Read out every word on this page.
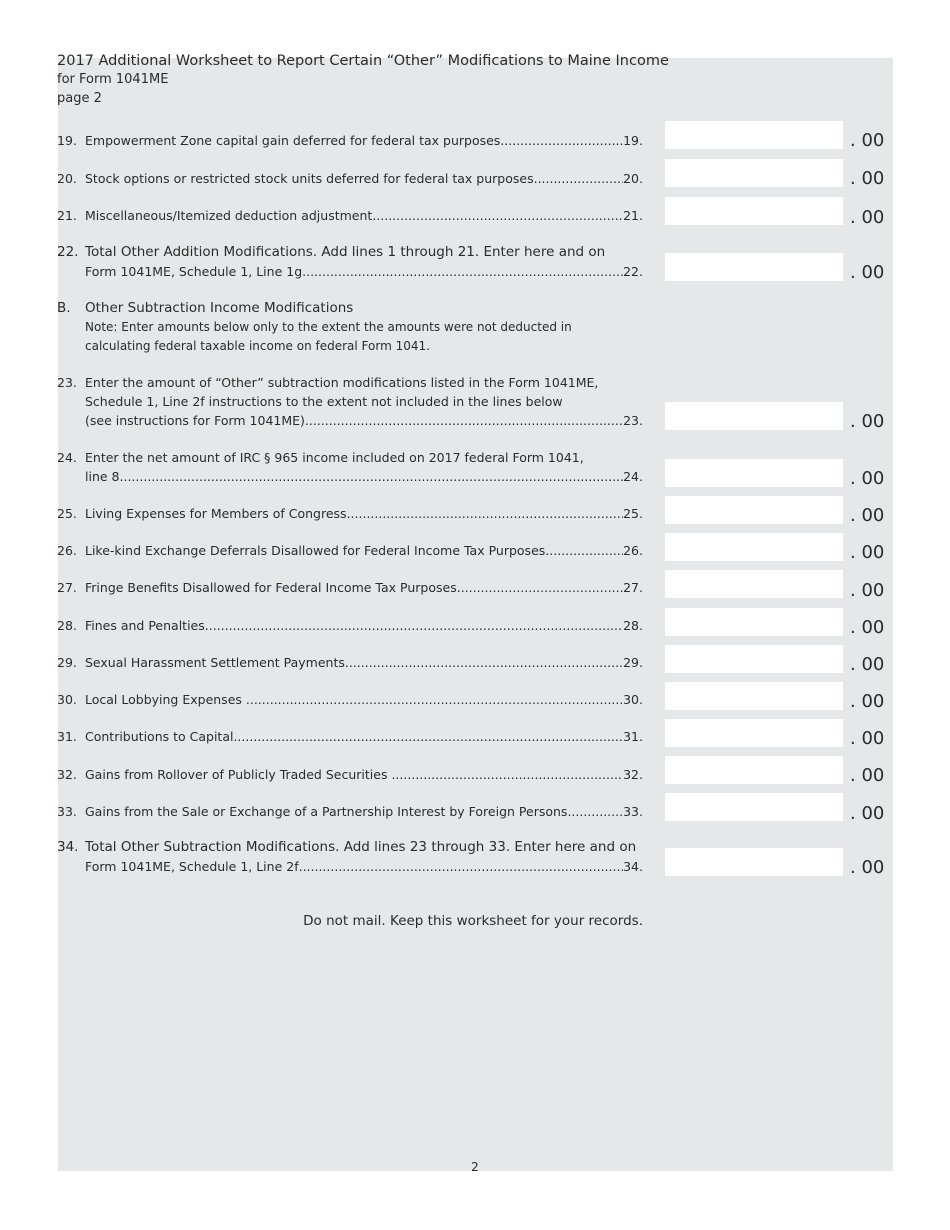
2017 Additional Worksheet to Report Certain “Other” Modifications to Maine Income
for Form 1041ME
page 2
19. Empowerment Zone capital gain deferred for federal tax purposes .....	19.	. 00
20. Stock options or restricted stock units deferred for federal tax purposes .....	20.	. 00
21. Miscellaneous/Itemized deduction adjustment .....	21.	. 00
22. Total Other Addition Modifications. Add lines 1 through 21. Enter here and on
Form 1041ME, Schedule 1, Line 1g .....	22.	. 00
B. Other Subtraction Income Modifications
Note: Enter amounts below only to the extent the amounts were not deducted in
calculating federal taxable income on federal Form 1041.
23. Enter the amount of “Other” subtraction modifications listed in the Form 1041ME,
Schedule 1, Line 2f instructions to the extent not included in the lines below
(see instructions for Form 1041ME) .....	23.	. 00
24. Enter the net amount of IRC § 965 income included on 2017 federal Form 1041,
line 8 .....	24.	. 00
25. Living Expenses for Members of Congress .....	25.	. 00
26. Like-kind Exchange Deferrals Disallowed for Federal Income Tax Purposes .....	26.	. 00
27. Fringe Benefits Disallowed for Federal Income Tax Purposes .....	27.	. 00
28. Fines and Penalties .....	28.	. 00
29. Sexual Harassment Settlement Payments .....	29.	. 00
30. Local Lobbying Expenses .....	30.	. 00
31. Contributions to Capital .....	31.	. 00
32. Gains from Rollover of Publicly Traded Securities .....	32.	. 00
33. Gains from the Sale or Exchange of a Partnership Interest by Foreign Persons .....	33.	. 00
34. Total Other Subtraction Modifications. Add lines 23 through 33. Enter here and on
Form 1041ME, Schedule 1, Line 2f .....	34.	. 00
Do not mail. Keep this worksheet for your records.
2
